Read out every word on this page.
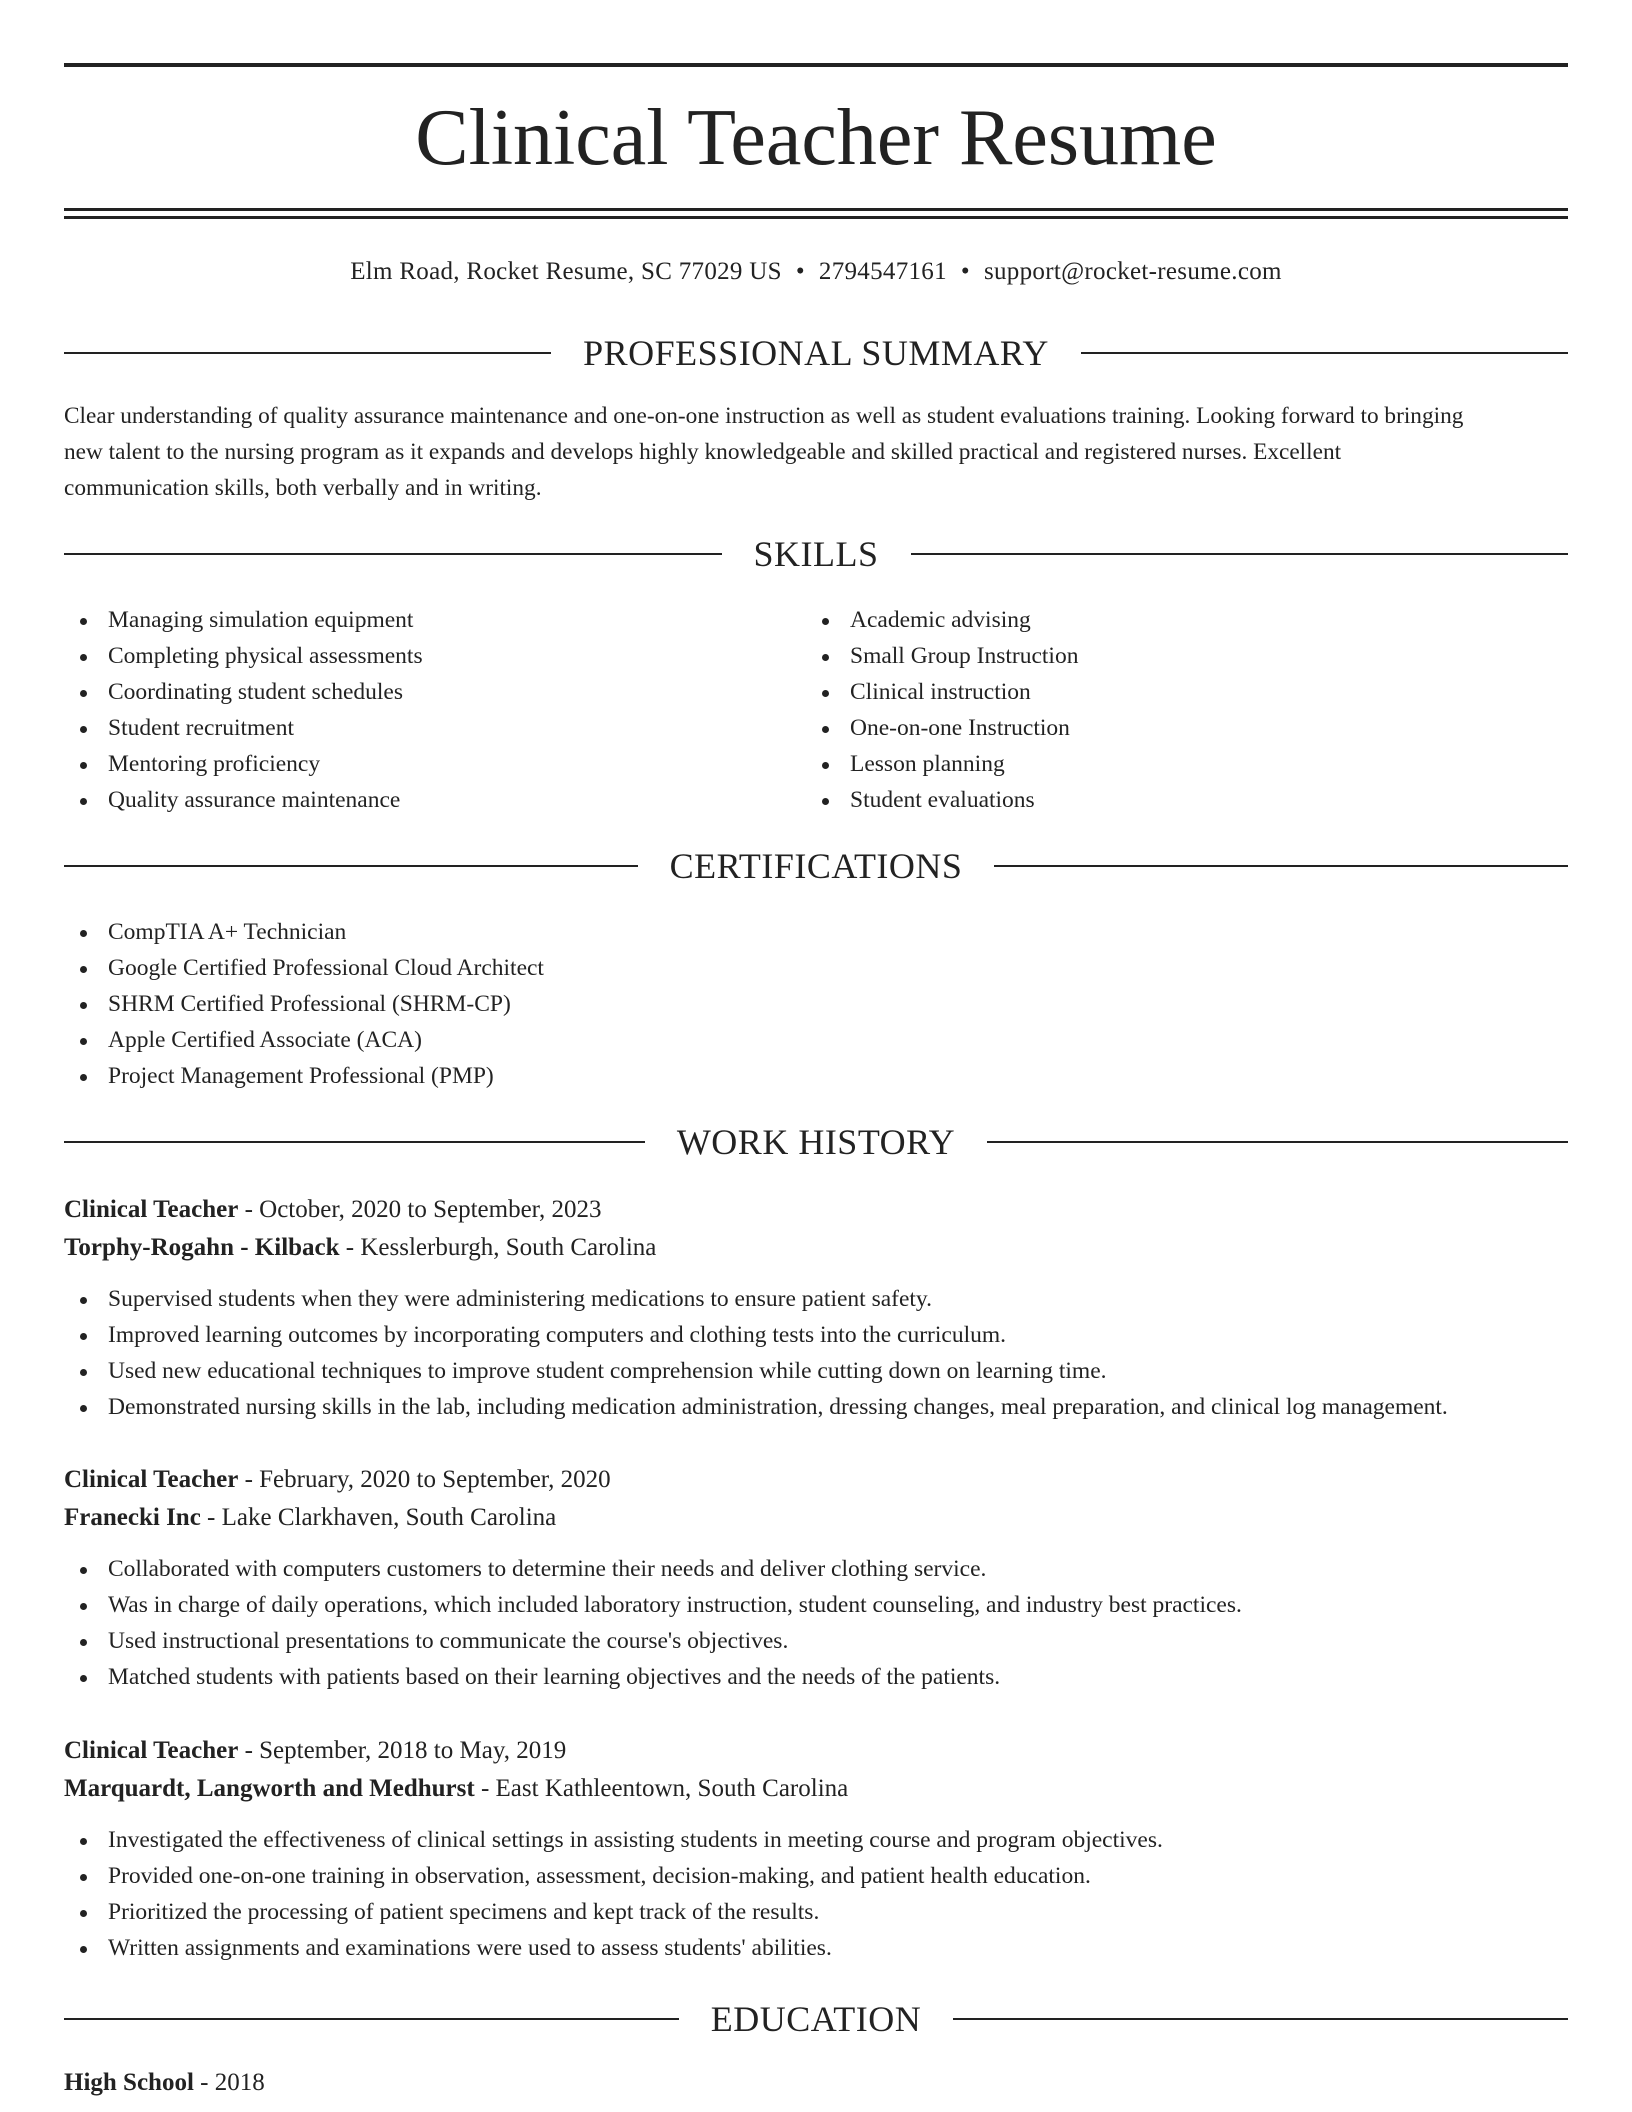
Clinical Teacher Resume
Elm Road, Rocket Resume, SC 77029 US • 2794547161 • support@rocket-resume.com
PROFESSIONAL SUMMARY
Clear understanding of quality assurance maintenance and one-on-one instruction as well as student evaluations training. Looking forward to bringing
new talent to the nursing program as it expands and develops highly knowledgeable and skilled practical and registered nurses. Excellent
communication skills, both verbally and in writing.
SKILLS
Managing simulation equipment
Completing physical assessments
Coordinating student schedules
Student recruitment
Mentoring proficiency
Quality assurance maintenance
Academic advising
Small Group Instruction
Clinical instruction
One-on-one Instruction
Lesson planning
Student evaluations
CERTIFICATIONS
CompTIA A+ Technician
Google Certified Professional Cloud Architect
SHRM Certified Professional (SHRM-CP)
Apple Certified Associate (ACA)
Project Management Professional (PMP)
WORK HISTORY
Clinical Teacher - October, 2020 to September, 2023
Torphy-Rogahn - Kilback - Kesslerburgh, South Carolina
Supervised students when they were administering medications to ensure patient safety.
Improved learning outcomes by incorporating computers and clothing tests into the curriculum.
Used new educational techniques to improve student comprehension while cutting down on learning time.
Demonstrated nursing skills in the lab, including medication administration, dressing changes, meal preparation, and clinical log management.
Clinical Teacher - February, 2020 to September, 2020
Franecki Inc - Lake Clarkhaven, South Carolina
Collaborated with computers customers to determine their needs and deliver clothing service.
Was in charge of daily operations, which included laboratory instruction, student counseling, and industry best practices.
Used instructional presentations to communicate the course's objectives.
Matched students with patients based on their learning objectives and the needs of the patients.
Clinical Teacher - September, 2018 to May, 2019
Marquardt, Langworth and Medhurst - East Kathleentown, South Carolina
Investigated the effectiveness of clinical settings in assisting students in meeting course and program objectives.
Provided one-on-one training in observation, assessment, decision-making, and patient health education.
Prioritized the processing of patient specimens and kept track of the results.
Written assignments and examinations were used to assess students' abilities.
EDUCATION
High School - 2018
